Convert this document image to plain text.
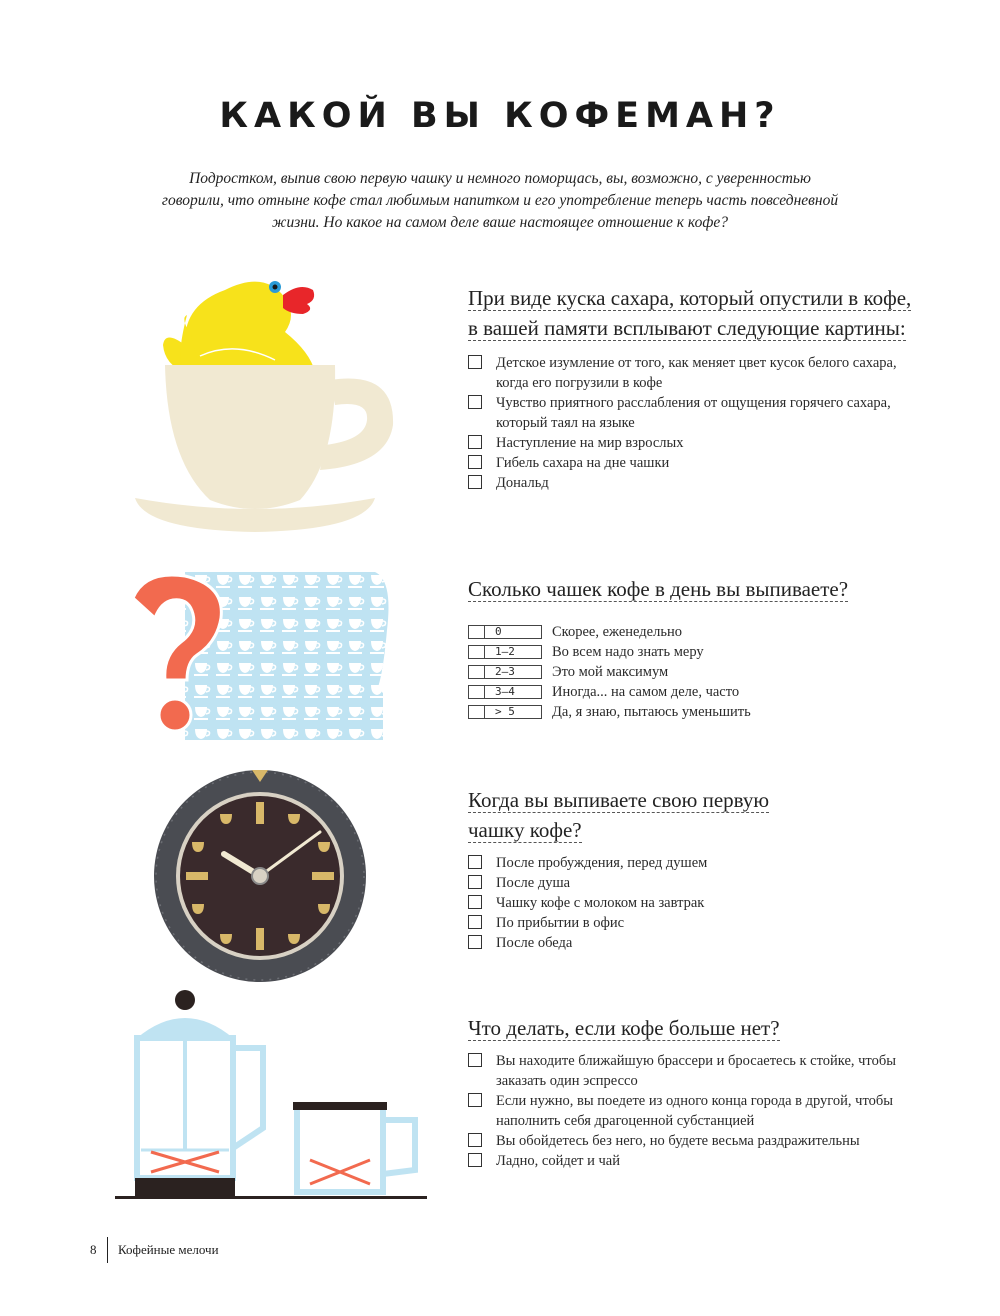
КАКОЙ ВЫ КОФЕМАН?

Подростком, выпив свою первую чашку и немного поморщась, вы, возможно, с уверенностью говорили, что отныне кофе стал любимым напитком и его употребление теперь часть повседневной жизни. Но какое на самом деле ваше настоящее отношение к кофе?

При виде куска сахара, который опустили в кофе, в вашей памяти всплывают следующие картины:

Детское изумление от того, как меняет цвет кусок белого сахара, когда его погрузили в кофе
Чувство приятного расслабления от ощущения горячего сахара, который таял на языке
Наступление на мир взрослых
Гибель сахара на дне чашки
Дональд

Сколько чашек кофе в день вы выпиваете?

0	Скорее, еженедельно
1–2	Во всем надо знать меру
2–3	Это мой максимум
3–4	Иногда... на самом деле, часто
> 5	Да, я знаю, пытаюсь уменьшить

Когда вы выпиваете свою первую чашку кофе?

После пробуждения, перед душем
После душа
Чашку кофе с молоком на завтрак
По прибытии в офис
После обеда

Что делать, если кофе больше нет?

Вы находите ближайшую брассери и бросаетесь к стойке, чтобы заказать один эспрессо
Если нужно, вы поедете из одного конца города в другой, чтобы наполнить себя драгоценной субстанцией
Вы обойдетесь без него, но будете весьма раздражительны
Ладно, сойдет и чай
8 Кофейные мелочи
